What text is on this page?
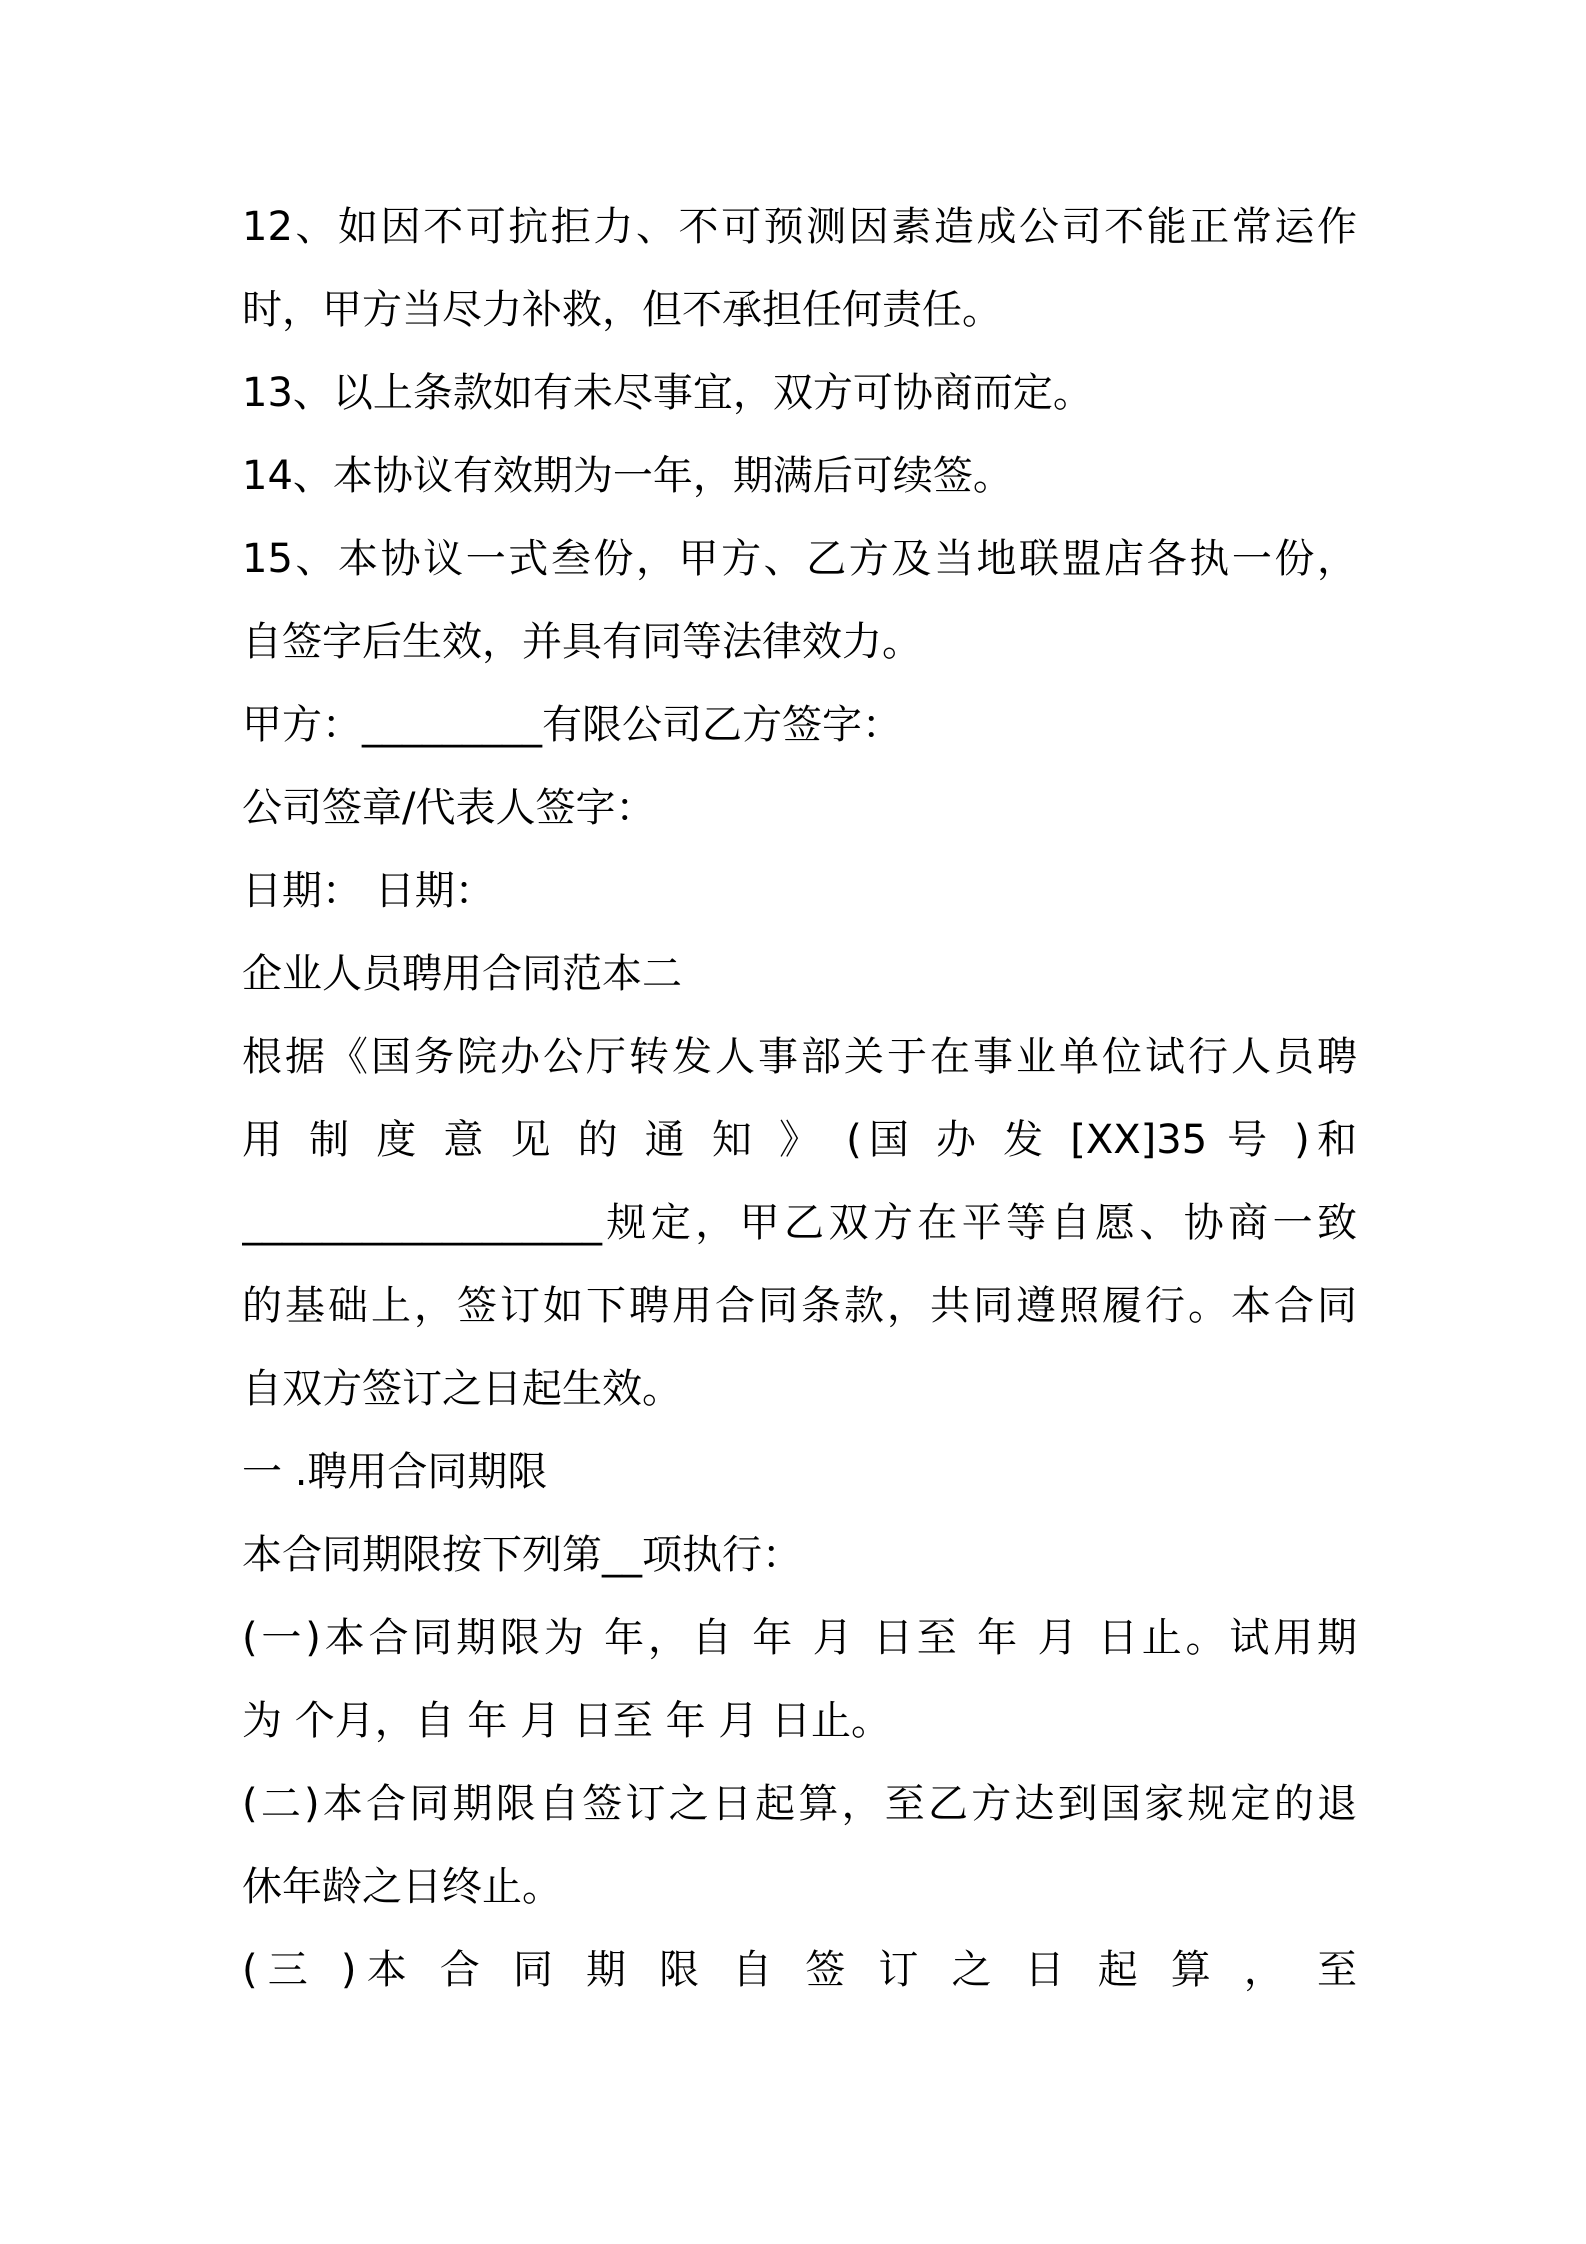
12、如因不可抗拒力、不可预测因素造成公司不能正常运作
时，甲方当尽力补救，但不承担任何责任。
13、以上条款如有未尽事宜，双方可协商而定。
14、本协议有效期为一年，期满后可续签。
15、本协议一式叁份，甲方、乙方及当地联盟店各执一份，
自签字后生效，并具有同等法律效力。
甲方：_________有限公司乙方签字：
公司签章/代表人签字：
日期： 日期：
企业人员聘用合同范本二
根据《国务院办公厅转发人事部关于在事业单位试行人员聘
用 制 度 意 见 的 通 知 》 (国 办 发 [XX]35 号 )和
__________________规定，甲乙双方在平等自愿、协商一致
的基础上，签订如下聘用合同条款，共同遵照履行。本合同
自双方签订之日起生效。
一 .聘用合同期限
本合同期限按下列第__项执行：
(一)本合同期限为 年，自 年 月 日至 年 月 日止。试用期
为 个月，自 年 月 日至 年 月 日止。
(二)本合同期限自签订之日起算，至乙方达到国家规定的退
休年龄之日终止。
(三 )本 合 同 期 限 自 签 订 之 日 起 算 ， 至
